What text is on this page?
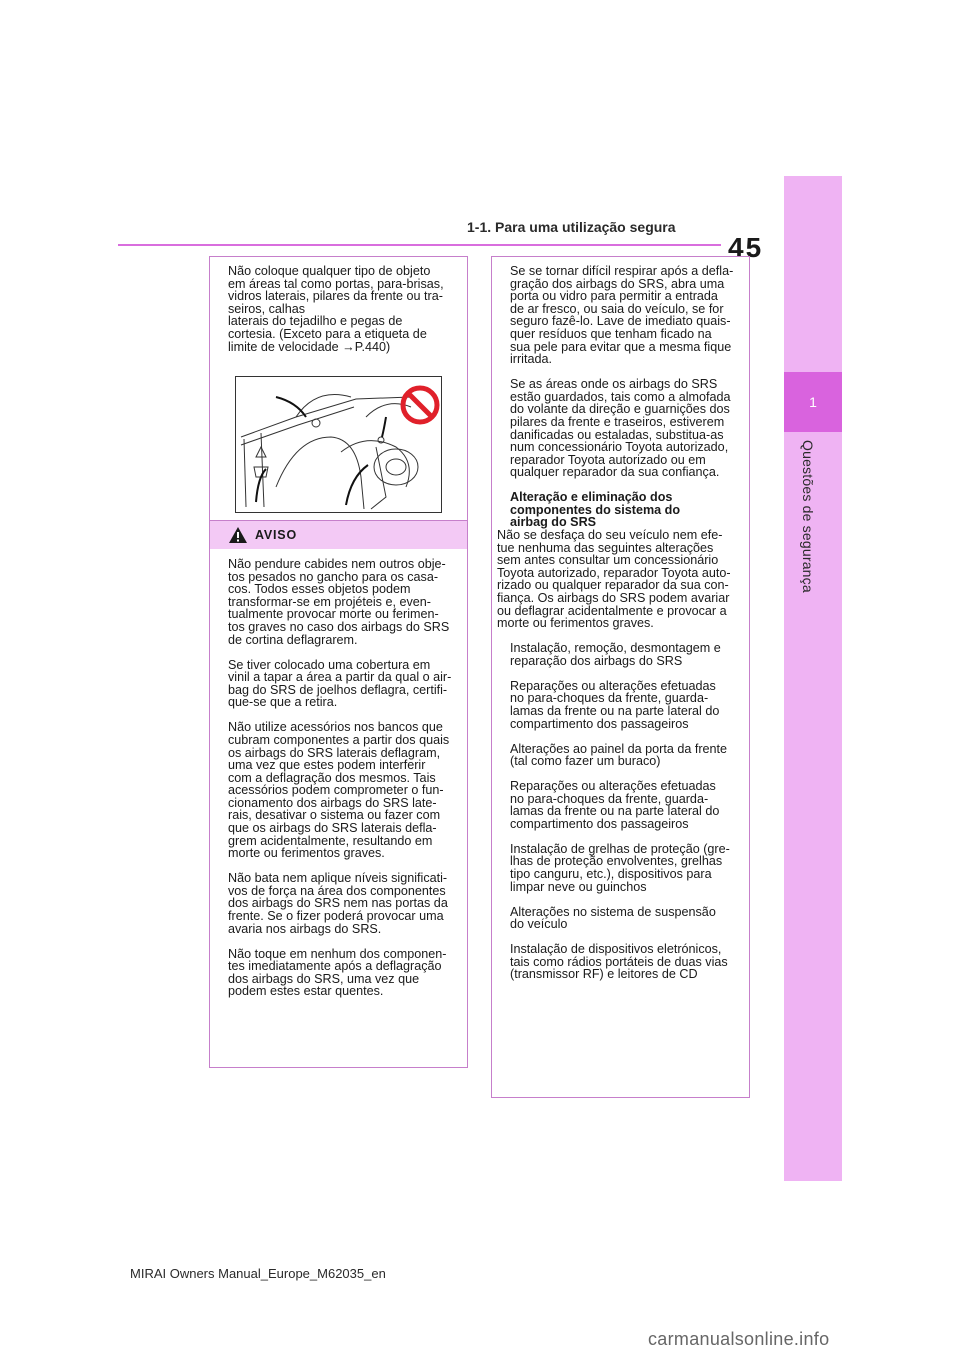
1-1. Para uma utilização segura
45
1
Questões de segurança
Não coloque qualquer tipo de objeto
em áreas tal como portas, para-brisas,
vidros laterais, pilares da frente ou tra-
seiros, calhas
laterais do tejadilho e pegas de
cortesia. (Exceto para a etiqueta de
limite de velocidade →P.440)
AVISO
Não pendure cabides nem outros obje-
tos pesados no gancho para os casa-
cos. Todos esses objetos podem
transformar-se em projéteis e, even-
tualmente provocar morte ou ferimen-
tos graves no caso dos airbags do SRS
de cortina deflagrarem.
Se tiver colocado uma cobertura em
vinil a tapar a área a partir da qual o air-
bag do SRS de joelhos deflagra, certifi-
que-se que a retira.
Não utilize acessórios nos bancos que
cubram componentes a partir dos quais
os airbags do SRS laterais deflagram,
uma vez que estes podem interferir
com a deflagração dos mesmos. Tais
acessórios podem comprometer o fun-
cionamento dos airbags do SRS late-
rais, desativar o sistema ou fazer com
que os airbags do SRS laterais defla-
grem acidentalmente, resultando em
morte ou ferimentos graves.
Não bata nem aplique níveis significati-
vos de força na área dos componentes
dos airbags do SRS nem nas portas da
frente. Se o fizer poderá provocar uma
avaria nos airbags do SRS.
Não toque em nenhum dos componen-
tes imediatamente após a deflagração
dos airbags do SRS, uma vez que
podem estes estar quentes.
Se se tornar difícil respirar após a defla-
gração dos airbags do SRS, abra uma
porta ou vidro para permitir a entrada
de ar fresco, ou saia do veículo, se for
seguro fazê-lo. Lave de imediato quais-
quer resíduos que tenham ficado na
sua pele para evitar que a mesma fique
irritada.
Se as áreas onde os airbags do SRS
estão guardados, tais como a almofada
do volante da direção e guarnições dos
pilares da frente e traseiros, estiverem
danificadas ou estaladas, substitua-as
num concessionário Toyota autorizado,
reparador Toyota autorizado ou em
qualquer reparador da sua confiança.
Alteração e eliminação dos
componentes do sistema do
airbag do SRS
Não se desfaça do seu veículo nem efe-
tue nenhuma das seguintes alterações
sem antes consultar um concessionário
Toyota autorizado, reparador Toyota auto-
rizado ou qualquer reparador da sua con-
fiança. Os airbags do SRS podem avariar
ou deflagrar acidentalmente e provocar a
morte ou ferimentos graves.
Instalação, remoção, desmontagem e
reparação dos airbags do SRS
Reparações ou alterações efetuadas
no para-choques da frente, guarda-
lamas da frente ou na parte lateral do
compartimento dos passageiros
Alterações ao painel da porta da frente
(tal como fazer um buraco)
Reparações ou alterações efetuadas
no para-choques da frente, guarda-
lamas da frente ou na parte lateral do
compartimento dos passageiros
Instalação de grelhas de proteção (gre-
lhas de proteção envolventes, grelhas
tipo canguru, etc.), dispositivos para
limpar neve ou guinchos
Alterações no sistema de suspensão
do veículo
Instalação de dispositivos eletrónicos,
tais como rádios portáteis de duas vias
(transmissor RF) e leitores de CD
MIRAI Owners Manual_Europe_M62035_en
carmanualsonline.info
